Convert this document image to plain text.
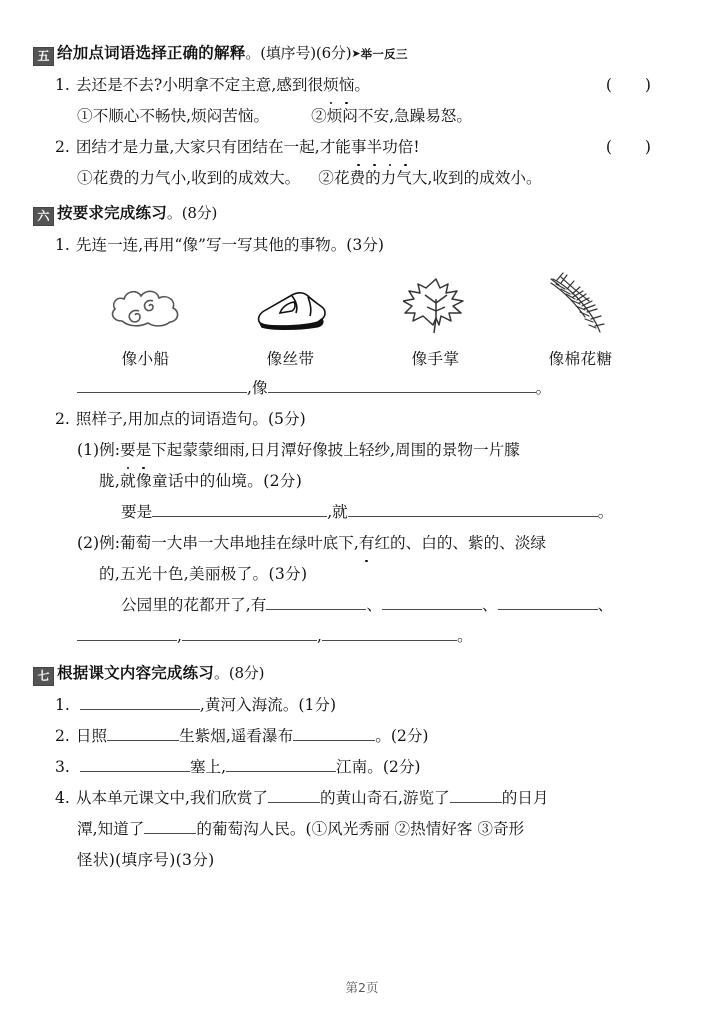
五 给加点词语选择正确的解释 。(填序号)(6分) ➤ 举一反三
1. 去还是不去?小明拿不定主意,感到很 烦恼 。	( )
①不顺心不畅快,烦闷苦恼。	②烦闷不安,急躁易怒。
2. 团结才是力量,大家只有团结在一起,才能 事半功倍 !	( )
①花费的力气小,收到的成效大。 ②花费的力气大,收到的成效小。
六 按要求完成练习 。(8分)
1. 先连一连,再用“像”写一写其他的事物。(3分)
像小船	像丝带	像手掌	像棉花糖
,像	。
2. 照样子,用加点的词语造句。(5分)
(1) 例: 要是 下起蒙蒙细雨,日月潭好像披上轻纱,周围的景物一片朦
胧,就像童话中的仙境。(2分)
要是	,就	。
(2) 例: 葡萄一大串一大串地挂在绿叶底下, 有 红的、白的、紫的、淡绿
的,五光十色,美丽极了。(3分)
公园里的花都开了,有	、	、	、
,	,	。
七 根据课文内容完成练习 。(8分)
1.	,黄河入海流。(1分)
2. 日照	生紫烟,遥看瀑布	。(2分)
3.	塞上,	江南。(2分)
4. 从本单元课文中,我们欣赏了	的黄山奇石,游览了	的日月
潭,知道了	的葡萄沟人民。(①风光秀丽 ②热情好客 ③奇形
怪状)(填序号)(3分)
第2页
